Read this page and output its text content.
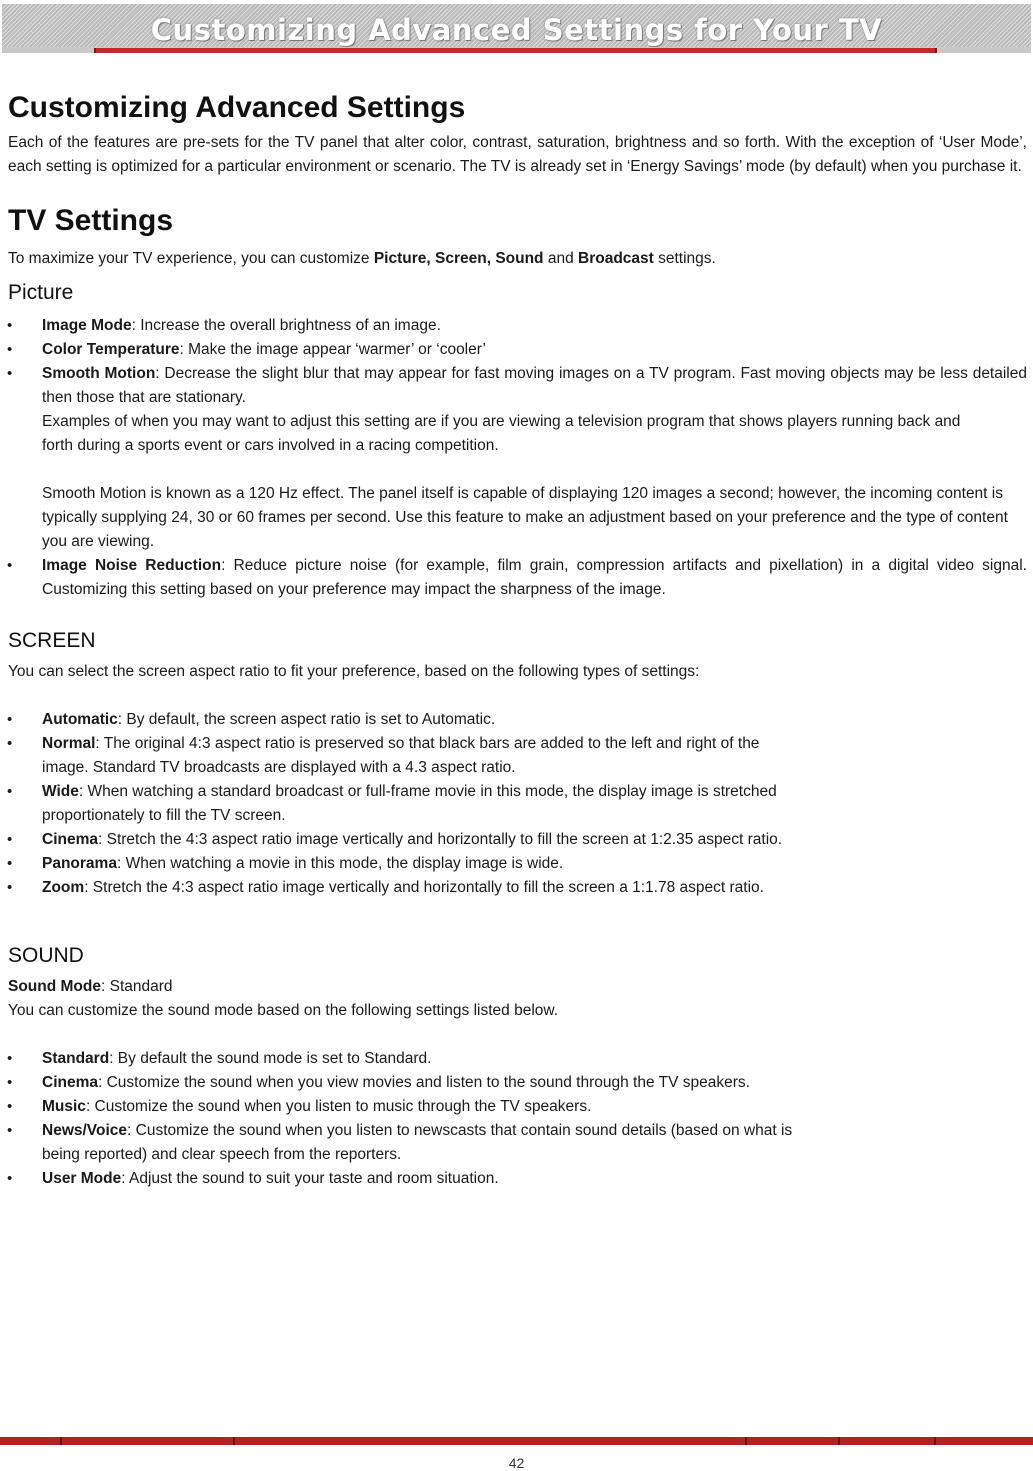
Customizing Advanced Settings for Your TV
Customizing Advanced Settings

Each of the features are pre-sets for the TV panel that alter color, contrast, saturation, brightness and so forth. With the exception of ‘User Mode’, each setting is optimized for a particular environment or scenario. The TV is already set in ‘Energy Savings’ mode (by default) when you purchase it.

TV Settings

To maximize your TV experience, you can customize Picture, Screen, Sound and Broadcast settings.

Picture
• Image Mode: Increase the overall brightness of an image.
• Color Temperature: Make the image appear ‘warmer’ or ‘cooler’
• Smooth Motion: Decrease the slight blur that may appear for fast moving images on a TV program. Fast moving objects may be less detailed then those that are stationary.

Examples of when you may want to adjust this setting are if you are viewing a television program that shows players running back and forth during a sports event or cars involved in a racing competition.

Smooth Motion is known as a 120 Hz effect. The panel itself is capable of displaying 120 images a second; however, the incoming content is typically supplying 24, 30 or 60 frames per second. Use this feature to make an adjustment based on your preference and the type of content you are viewing.

• Image Noise Reduction: Reduce picture noise (for example, film grain, compression artifacts and pixellation) in a digital video signal. Customizing this setting based on your preference may impact the sharpness of the image.
SCREEN

You can select the screen aspect ratio to fit your preference, based on the following types of settings:

• Automatic: By default, the screen aspect ratio is set to Automatic.
• Normal: The original 4:3 aspect ratio is preserved so that black bars are added to the left and right of the image. Standard TV broadcasts are displayed with a 4.3 aspect ratio.
• Wide: When watching a standard broadcast or full-frame movie in this mode, the display image is stretched proportionately to fill the TV screen.
• Cinema: Stretch the 4:3 aspect ratio image vertically and horizontally to fill the screen at 1:2.35 aspect ratio.
• Panorama: When watching a movie in this mode, the display image is wide.
• Zoom: Stretch the 4:3 aspect ratio image vertically and horizontally to fill the screen a 1:1.78 aspect ratio.
SOUND

Sound Mode: Standard

You can customize the sound mode based on the following settings listed below.

• Standard: By default the sound mode is set to Standard.
• Cinema: Customize the sound when you view movies and listen to the sound through the TV speakers.
• Music: Customize the sound when you listen to music through the TV speakers.
• News/Voice: Customize the sound when you listen to newscasts that contain sound details (based on what is being reported) and clear speech from the reporters.
• User Mode: Adjust the sound to suit your taste and room situation.
42
